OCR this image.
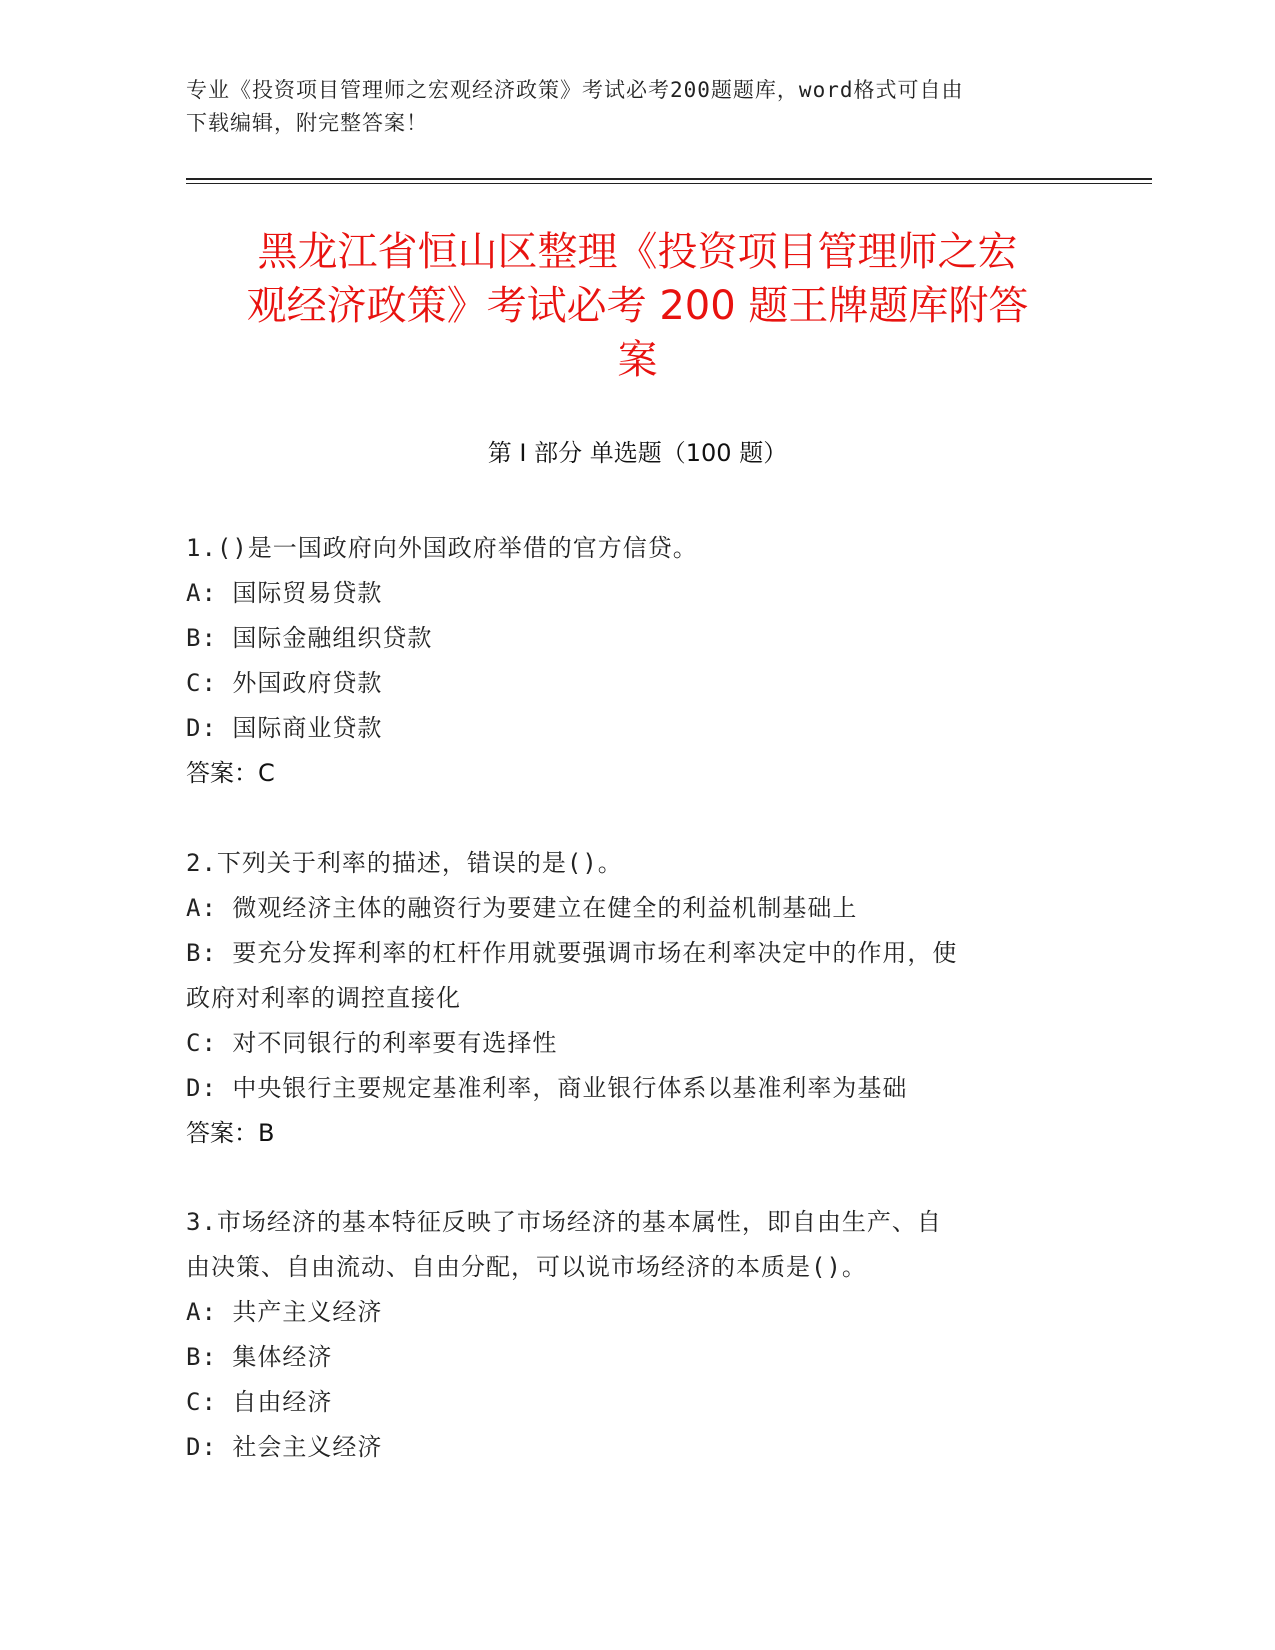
专业《投资项目管理师之宏观经济政策》考试必考200题题库，word格式可自由
下载编辑，附完整答案！
黑龙江省恒山区整理《投资项目管理师之宏
观经济政策》考试必考 200 题王牌题库附答
案
第 I 部分 单选题（100 题）
1.()是一国政府向外国政府举借的官方信贷。
A: 国际贸易贷款
B: 国际金融组织贷款
C: 外国政府贷款
D: 国际商业贷款
答案：C
2.下列关于利率的描述，错误的是()。
A: 微观经济主体的融资行为要建立在健全的利益机制基础上
B: 要充分发挥利率的杠杆作用就要强调市场在利率决定中的作用，使
政府对利率的调控直接化
C: 对不同银行的利率要有选择性
D: 中央银行主要规定基准利率，商业银行体系以基准利率为基础
答案：B
3.市场经济的基本特征反映了市场经济的基本属性，即自由生产、自
由决策、自由流动、自由分配，可以说市场经济的本质是()。
A: 共产主义经济
B: 集体经济
C: 自由经济
D: 社会主义经济
